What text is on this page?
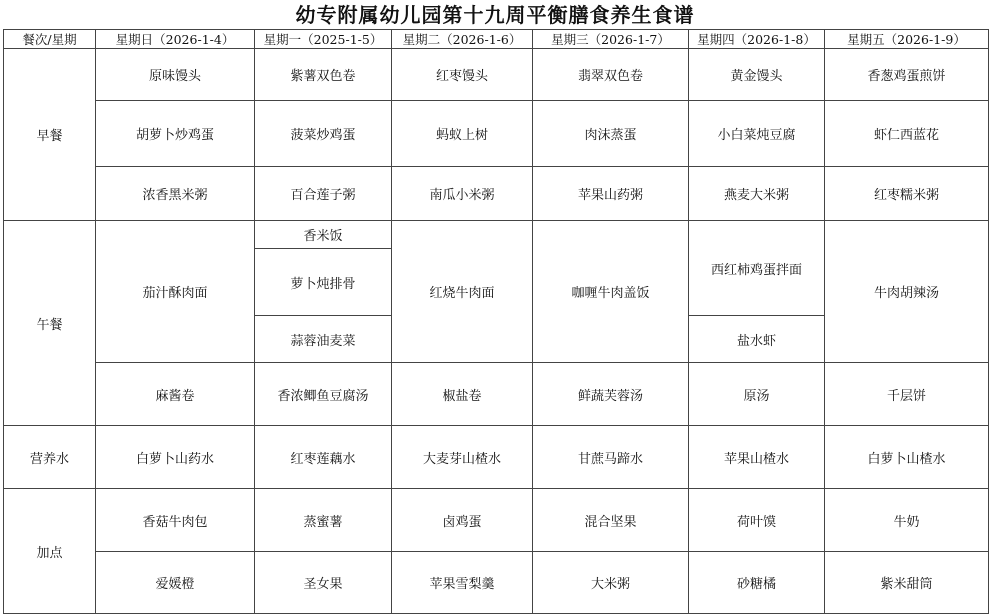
幼专附属幼儿园第十九周平衡膳食养生食谱
餐次/星期	星期日（2026-1-4）	星期一（2025-1-5）	星期二（2026-1-6）	星期三（2026-1-7）	星期四（2026-1-8）	星期五（2026-1-9）
早餐	原味馒头	紫薯双色卷	红枣馒头	翡翠双色卷	黄金馒头	香葱鸡蛋煎饼
	胡萝卜炒鸡蛋	菠菜炒鸡蛋	蚂蚁上树	肉沫蒸蛋	小白菜炖豆腐	虾仁西蓝花
	浓香黑米粥	百合莲子粥	南瓜小米粥	苹果山药粥	燕麦大米粥	红枣糯米粥
午餐	茄汁酥肉面	香米饭	红烧牛肉面	咖喱牛肉盖饭	西红柿鸡蛋拌面	牛肉胡辣汤
		萝卜炖排骨				

		蒜蓉油麦菜			盐水虾	
	麻酱卷	香浓鲫鱼豆腐汤	椒盐卷	鲜蔬芙蓉汤	原汤	千层饼
营养水	白萝卜山药水	红枣莲藕水	大麦芽山楂水	甘蔗马蹄水	苹果山楂水	白萝卜山楂水
加点	香菇牛肉包	蒸蜜薯	卤鸡蛋	混合坚果	荷叶馍	牛奶
	爱媛橙	圣女果	苹果雪梨羹	大米粥	砂糖橘	紫米甜筒
